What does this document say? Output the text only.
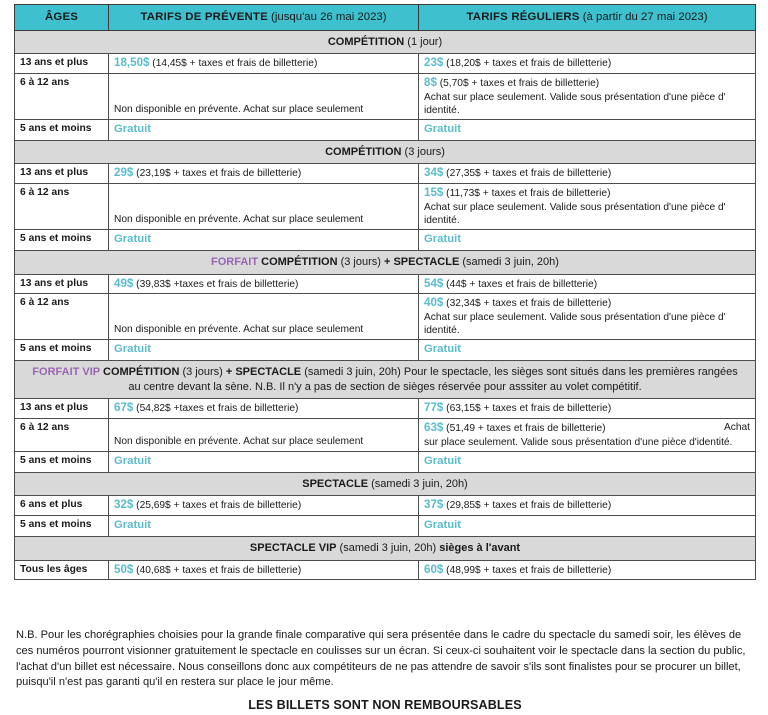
ÂGES	TARIFS DE PRÉVENTE (jusqu'au 26 mai 2023)	TARIFS RÉGULIERS (à partir du 27 mai 2023)
COMPÉTITION (1 jour)		
13 ans et plus	18,50$ (14,45$ + taxes et frais de billetterie)	23$ (18,20$ + taxes et frais de billetterie)

6 à 12 ans	Non disponible en prévente. Achat sur place seulement	8$ (5,70$ + taxes et frais de billetterie)
Achat sur place seulement. Valide sous présentation d'une pièce d'
identité.

5 ans et moins	Gratuit	Gratuit
COMPÉTITION (3 jours)		
13 ans et plus	29$ (23,19$ + taxes et frais de billetterie)	34$ (27,35$ + taxes et frais de billetterie)

6 à 12 ans	Non disponible en prévente. Achat sur place seulement	15$ (11,73$ + taxes et frais de billetterie)
Achat sur place seulement. Valide sous présentation d'une pièce d'
identité.

5 ans et moins	Gratuit	Gratuit
FORFAIT COMPÉTITION (3 jours) + SPECTACLE (samedi 3 juin, 20h)		
13 ans et plus	49$ (39,83$ +taxes et frais de billetterie)	54$ (44$ + taxes et frais de billetterie)

6 à 12 ans	Non disponible en prévente. Achat sur place seulement	40$ (32,34$ + taxes et frais de billetterie)
Achat sur place seulement. Valide sous présentation d'une pièce d'
identité.

5 ans et moins	Gratuit	Gratuit
FORFAIT VIP COMPÉTITION (3 jours) + SPECTACLE (samedi 3 juin, 20h) Pour le spectacle, les sièges sont situés dans les premières rangées au centre devant la sène. N.B. Il n'y a pas de section de sièges réservée pour asssiter au volet compétitif.		
13 ans et plus	67$ (54,82$ +taxes et frais de billetterie)	77$ (63,15$ + taxes et frais de billetterie)

6 à 12 ans	Non disponible en prévente. Achat sur place seulement	63$ (51,49 + taxes et frais de billetterie) Achat
sur place seulement. Valide sous présentation d'une pièce d'identité.

5 ans et moins	Gratuit	Gratuit
SPECTACLE (samedi 3 juin, 20h)		
6 ans et plus	32$ (25,69$ + taxes et frais de billetterie)	37$ (29,85$ + taxes et frais de billetterie)

5 ans et moins	Gratuit	Gratuit
SPECTACLE VIP (samedi 3 juin, 20h) sièges à l'avant		
Tous les âges	50$ (40,68$ + taxes et frais de billetterie)	60$ (48,99$ + taxes et frais de billetterie)
N.B. Pour les chorégraphies choisies pour la grande finale comparative qui sera présentée dans le cadre du spectacle du samedi soir, les élèves de ces numéros pourront visionner gratuitement le spectacle en coulisses sur un écran. Si ceux-ci souhaitent voir le spectacle dans la section du public, l'achat d'un billet est nécessaire. Nous conseillons donc aux compétiteurs de ne pas attendre de savoir s'ils sont finalistes pour se procurer un billet, puisqu'il n'est pas garanti qu'il en restera sur place le jour même.
LES BILLETS SONT NON REMBOURSABLES
